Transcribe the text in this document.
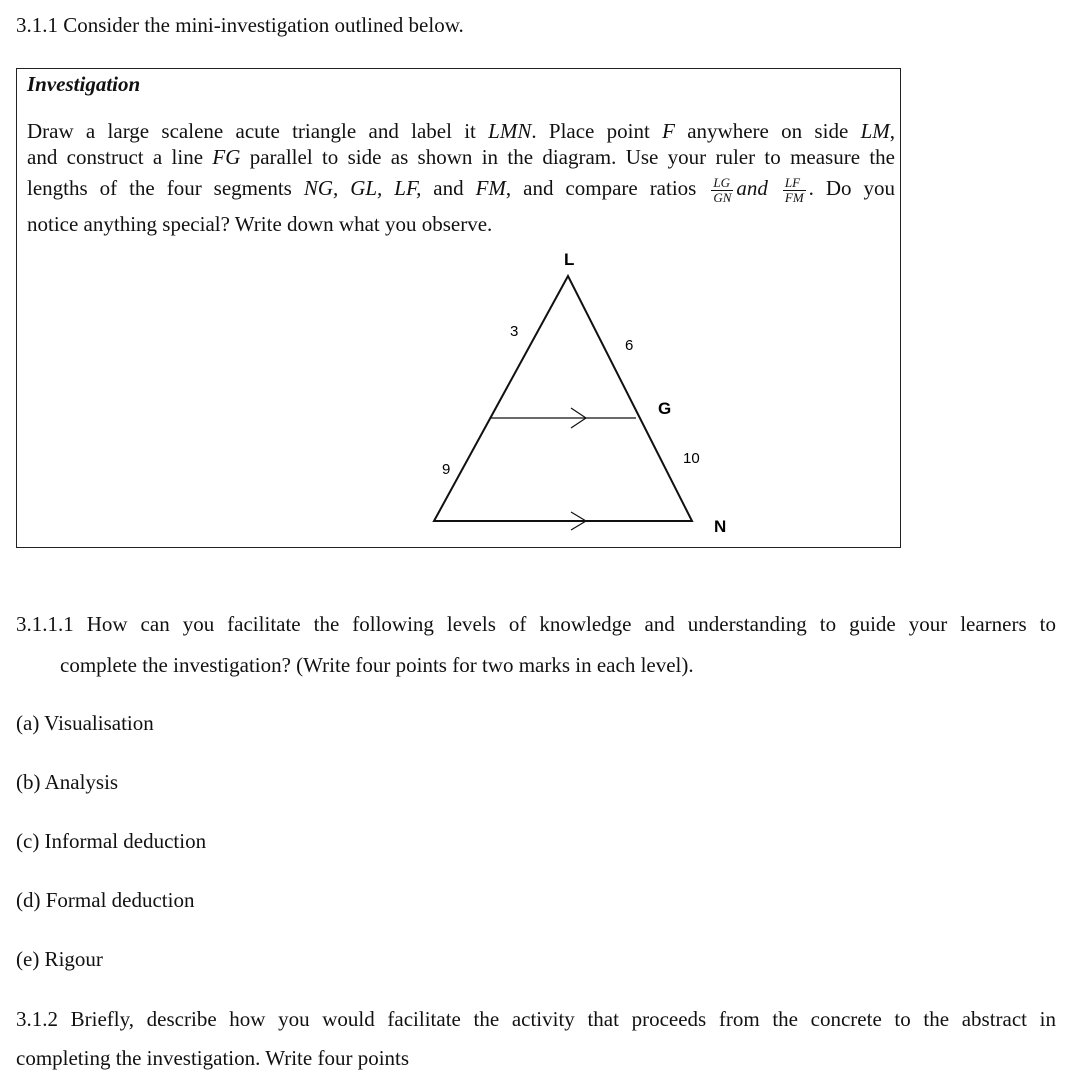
3.1.1 Consider the mini-investigation outlined below.
Investigation
Draw a large scalene acute triangle and label it LMN. Place point F anywhere on side LM,
and construct a line FG parallel to side as shown in the diagram. Use your ruler to measure the
lengths of the four segments NG, GL, LF, and FM, and compare ratios $\frac{LG}{GN}$ and $\frac{LF}{FM}$ . Do you
notice anything special? Write down what you observe.
L
G
N
3
6
9
10
3.1.1.1 How can you facilitate the following levels of knowledge and understanding to guide your learners to
complete the investigation? (Write four points for two marks in each level).
(a) Visualisation
(b) Analysis
(c) Informal deduction
(d) Formal deduction
(e) Rigour
3.1.2 Briefly, describe how you would facilitate the activity that proceeds from the concrete to the abstract in
completing the investigation. Write four points
